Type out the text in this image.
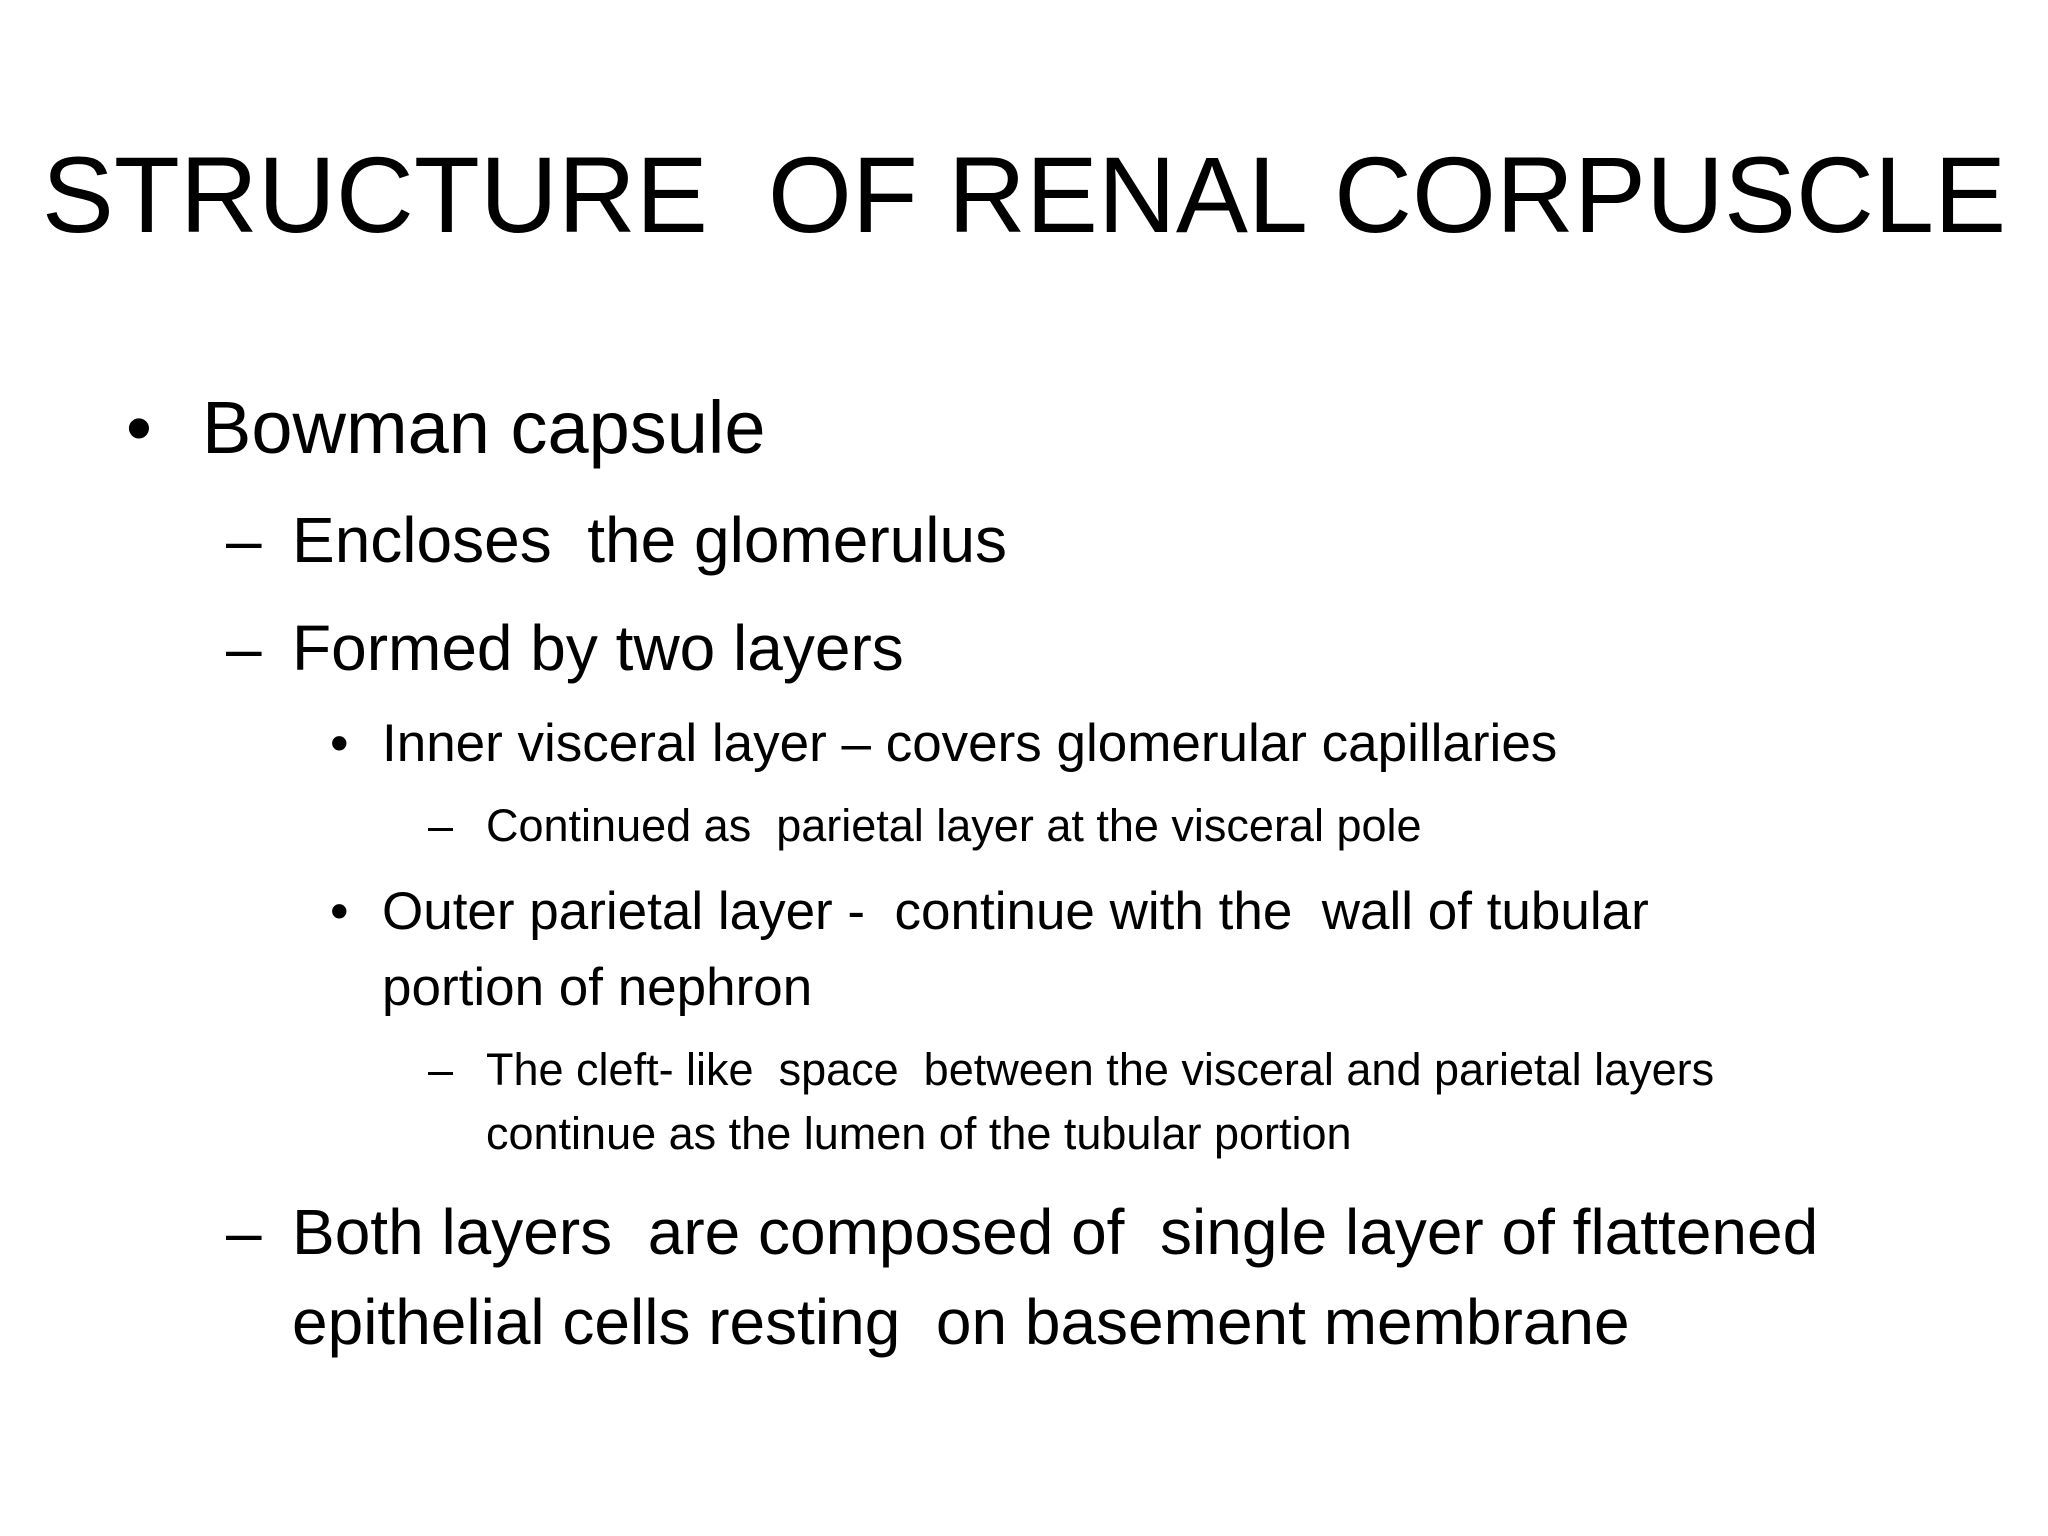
STRUCTURE  OF RENAL CORPUSCLE
• Bowman capsule
– Encloses  the glomerulus
– Formed by two layers
• Inner visceral layer – covers glomerular capillaries
– Continued as  parietal layer at the visceral pole
• Outer parietal layer -  continue with the  wall of tubular
portion of nephron
– The cleft- like  space  between the visceral and parietal layers
continue as the lumen of the tubular portion
– Both layers  are composed of  single layer of flattened
epithelial cells resting  on basement membrane
